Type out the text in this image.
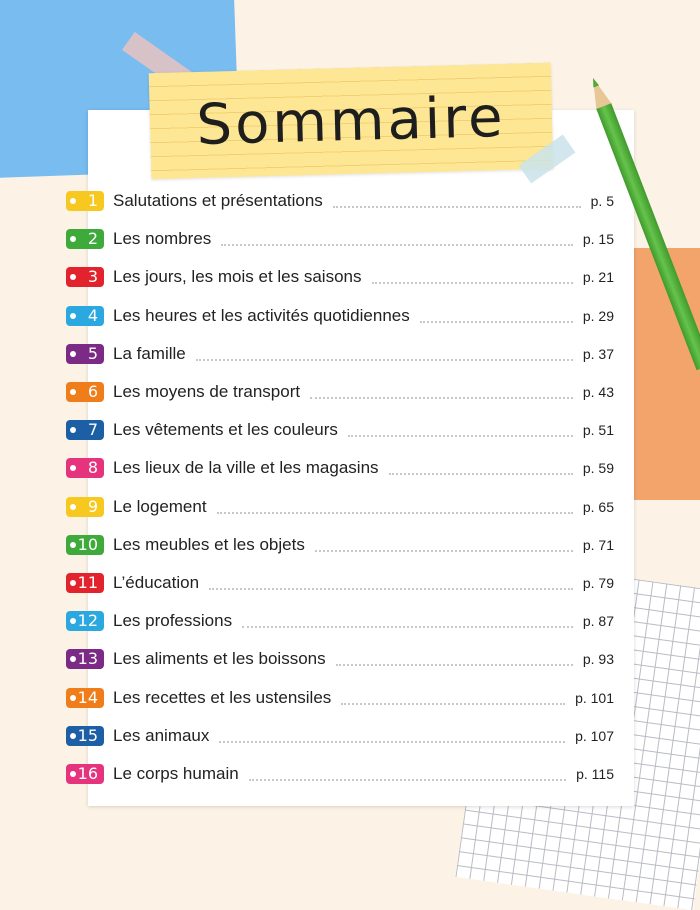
Sommaire
1 Salutations et présentations	p. 5
2 Les nombres	p. 15
3 Les jours, les mois et les saisons	p. 21
4 Les heures et les activités quotidiennes	p. 29
5 La famille	p. 37
6 Les moyens de transport	p. 43
7 Les vêtements et les couleurs	p. 51
8 Les lieux de la ville et les magasins	p. 59
9 Le logement	p. 65
10 Les meubles et les objets	p. 71
11 L’éducation	p. 79
12 Les professions	p. 87
13 Les aliments et les boissons	p. 93
14 Les recettes et les ustensiles	p. 101
15 Les animaux	p. 107
16 Le corps humain	p. 115
